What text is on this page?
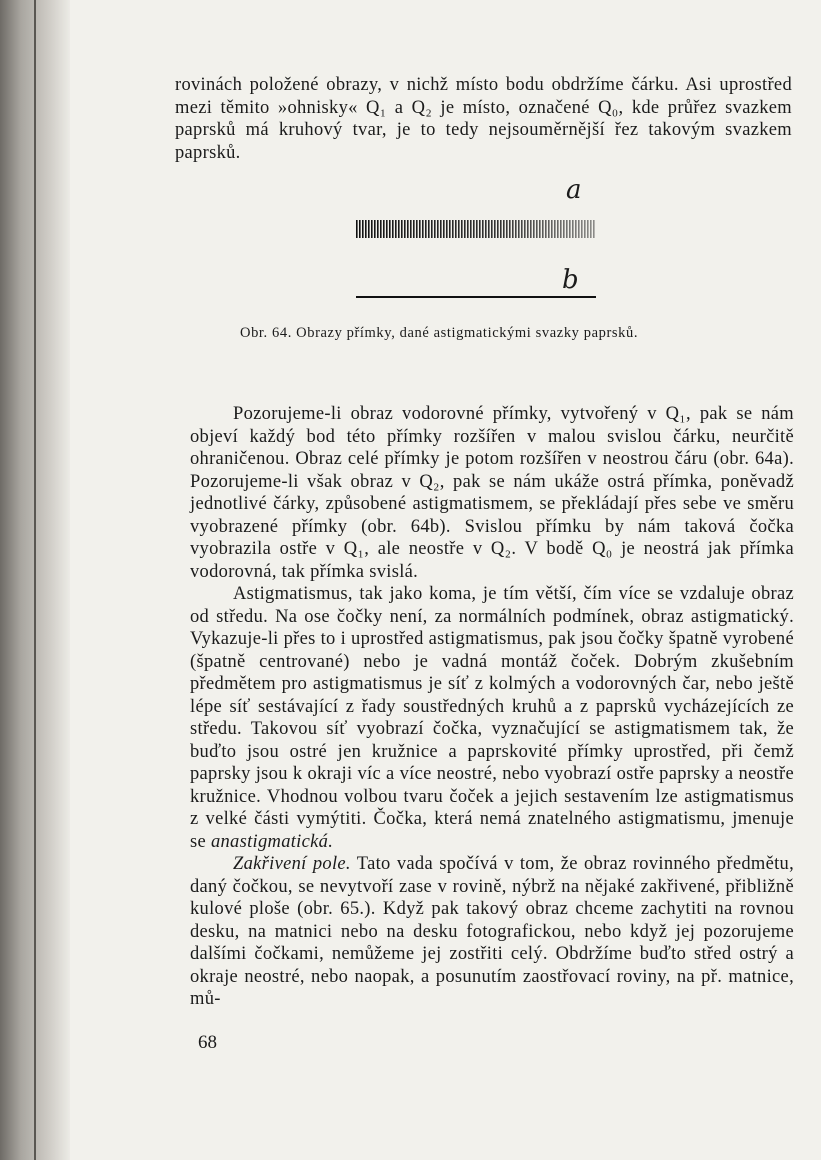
rovinách položené obrazy, v nichž místo bodu obdržíme čárku. Asi uprostřed mezi těmito »ohnisky« Q₁ a Q₂ je místo, označené Q₀, kde průřez svazkem paprsků má kruhový tvar, je to tedy nejsouměrnější řez takovým svazkem paprsků.

a
b
Obr. 64. Obrazy přímky, dané astigmatickými svazky paprsků.

Pozorujeme-li obraz vodorovné přímky, vytvořený v Q₁, pak se nám objeví každý bod této přímky rozšířen v malou svislou čárku, neurčitě ohraničenou. Obraz celé přímky je potom rozšířen v neostrou čáru (obr. 64a). Pozorujeme-li však obraz v Q₂, pak se nám ukáže ostrá přímka, poněvadž jednotlivé čárky, způsobené astigmatismem, se překládají přes sebe ve směru vyobrazené přímky (obr. 64b). Svislou přímku by nám taková čočka vyobrazila ostře v Q₁, ale neostře v Q₂. V bodě Q₀ je neostrá jak přímka vodorovná, tak přímka svislá.

Astigmatismus, tak jako koma, je tím větší, čím více se vzdaluje obraz od středu. Na ose čočky není, za normálních podmínek, obraz astigmatický. Vykazuje-li přes to i uprostřed astigmatismus, pak jsou čočky špatně vyrobené (špatně centrované) nebo je vadná montáž čoček. Dobrým zkušebním předmětem pro astigmatismus je síť z kolmých a vodorovných čar, nebo ještě lépe síť sestávající z řady soustředných kruhů a z paprsků vycházejících ze středu. Takovou síť vyobrazí čočka, vyznačující se astigmatismem tak, že buďto jsou ostré jen kružnice a paprskovité přímky uprostřed, při čemž paprsky jsou k okraji víc a více neostré, nebo vyobrazí ostře paprsky a neostře kružnice. Vhodnou volbou tvaru čoček a jejich sestavením lze astigmatismus z velké části vymýtiti. Čočka, která nemá znatelného astigmatismu, jmenuje se anastigmatická.

Zakřivení pole. Tato vada spočívá v tom, že obraz rovinného předmětu, daný čočkou, se nevytvoří zase v rovině, nýbrž na nějaké zakřivené, přibližně kulové ploše (obr. 65.). Když pak takový obraz chceme zachytiti na rovnou desku, na matnici nebo na desku fotografickou, nebo když jej pozorujeme dalšími čočkami, nemůžeme jej zostřiti celý. Obdržíme buďto střed ostrý a okraje neostré, nebo naopak, a posunutím zaostřovací roviny, na př. matnice, mů-

68
